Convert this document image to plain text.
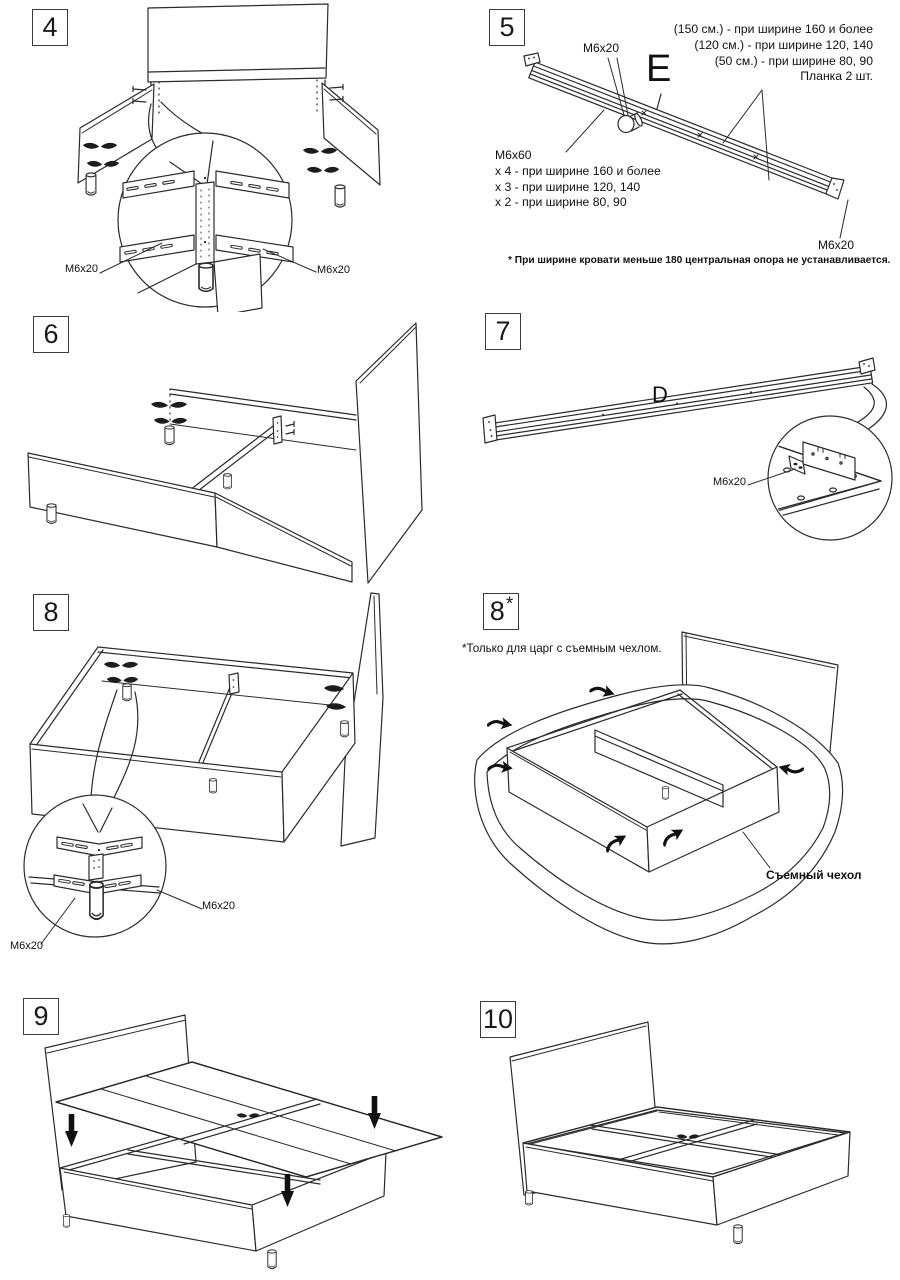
4
M6x20	M6x20
5
M6x20 E
(150 см.) - при ширине 160 и более
(120 см.) - при ширине 120, 140
(50 см.) - при ширине 80, 90
Планка 2 шт.
M6x60
x 4 - при ширине 160 и более
x 3 - при ширине 120, 140
x 2 - при ширине 80, 90
M6x20
* При ширине кровати меньше 180 центральная опора не устанавливается.
6	7
D
M6x20
8
M6x20
M6x20
8 *
*Только для царг с съемным чехлом.
Съемный чехол
9	10
